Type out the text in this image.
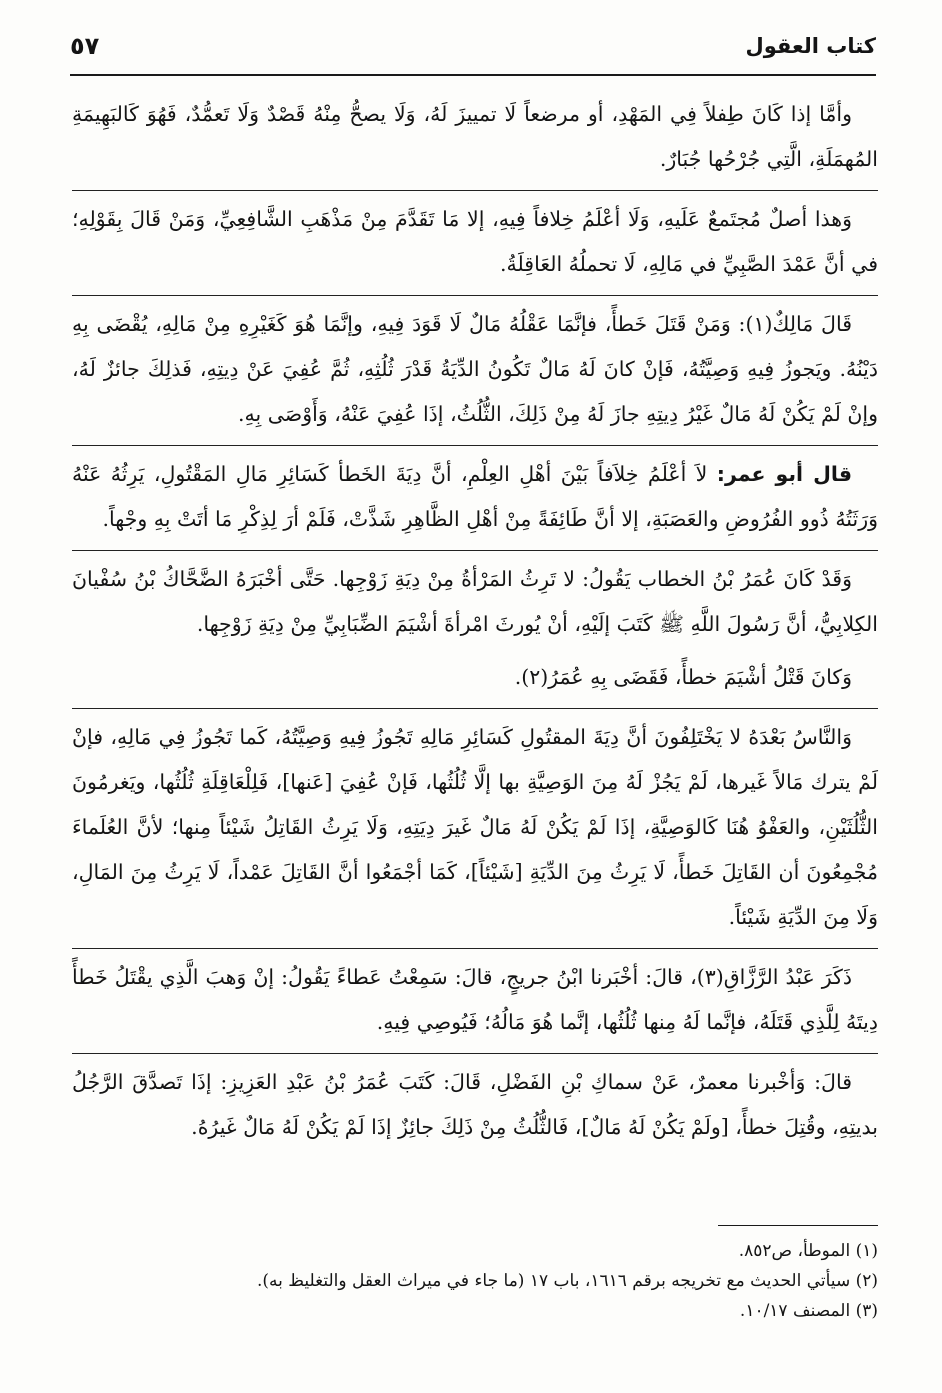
كتاب العقول
٥٧

وأمَّا إذا كَانَ طِفلاً فِي المَهْدِ، أو مرضعاً لَا تمييزَ لَهُ، وَلَا يصحُّ مِنْهُ قَصْدٌ وَلَا تَعمُّدٌ، فَهُوَ كَالبَهِيمَةِ المُهمَلَةِ، الَّتِي جُرْحُها جُبَارٌ.

وَهذا أصلٌ مُجتَمعٌ عَلَيهِ، وَلَا أعْلَمُ خِلافاً فِيهِ، إلا مَا تَقَدَّمَ مِنْ مَذْهَبِ الشَّافِعِيِّ، وَمَنْ قَالَ بِقَوْلِهِ؛ في أنَّ عَمْدَ الصَّبِيِّ في مَالِهِ، لَا تحملُهُ العَاقِلَةُ.

قَالَ مَالِكٌ(١): وَمَنْ قَتَلَ خَطأً، فإنَّمَا عَقْلُهُ مَالٌ لَا قَوَدَ فِيهِ، وإنَّمَا هُوَ كَغَيْرِهِ مِنْ مَالِهِ، يُقْضَى بِهِ دَيْنُهُ. ويَجوزُ فِيهِ وَصِيَّتُهُ، فَإنْ كانَ لَهُ مَالٌ تَكُونُ الدِّيَةُ قَدْرَ ثُلُثِهِ، ثُمَّ عُفِيَ عَنْ دِيتِهِ، فَذلِكَ جائزٌ لَهُ، وإنْ لَمْ يَكُنْ لَهُ مَالٌ غَيْرُ دِيتِهِ جازَ لَهُ مِنْ ذَلِكَ، الثُّلُثُ، إذَا عُفِيَ عَنْهُ، وَأَوْصَى بِهِ.

قال أبو عمر: لاَ أعْلَمُ خِلاَفاً بَيْنَ أهْلِ العِلْمِ، أنَّ دِيَةَ الخَطأ كَسَائِرِ مَالِ المَقْتُولِ، يَرِثُهُ عَنْهُ وَرَثَتُهُ ذُوو الفُرُوضِ والعَصَبَةِ، إلا أنَّ طَائِفَةً مِنْ أهْلِ الظَّاهِرِ شَذَّتْ، فَلَمْ أرَ لِذِكْرِ مَا أتَتْ بِهِ وجْهاً.

وَقَدْ كَانَ عُمَرُ بْنُ الخطاب يَقُولُ: لا تَرِثُ المَرْأةُ مِنْ دِيَةِ زَوْجِها. حَتَّى أخْبَرَهُ الضَّحَّاكُ بْنُ سُفْيانَ الكِلابِيُّ، أنَّ رَسُولَ اللَّهِ ﷺ كَتَبَ إلَيْهِ، أنْ يُورثَ امْرأةَ أشْيَمَ الضِّبَابِيِّ مِنْ دِيَةِ زَوْجِها.

وَكانَ قَتْلُ أشْيَمَ خطأً، فَقَضَى بِهِ عُمَرُ(٢).

وَالنَّاسُ بَعْدَهُ لا يَخْتَلِفُونَ أنَّ دِيَةَ المقتُولِ كَسَائِرِ مَالِهِ تَجُوزُ فِيهِ وَصِيَّتُهُ، كَما تَجُوزُ فِي مَالِهِ، فإنْ لَمْ يترك مَالاً غَيرها، لَمْ يَجُزْ لَهُ مِنَ الوَصِيَّةِ بها إلَّا ثُلُثُها، فَإنْ عُفِيَ [عَنها]، فَلِلْعَاقِلَةِ ثُلُثُها، ويَغرمُونَ الثُّلُثَيْنِ، والعَفْوُ هُنَا كَالوَصِيَّةِ، إذَا لَمْ يَكُنْ لَهُ مَالٌ غَيرَ دِيَتِهِ، وَلَا يَرِثُ القَاتِلُ شَيْئاً مِنها؛ لأنَّ العُلَماءَ مُجْمِعُونَ أن القَاتِلَ خَطأً، لَا يَرِثُ مِنَ الدِّيَةِ [شَيْئاً]، كَمَا أجْمَعُوا أنَّ القَاتِلَ عَمْداً، لَا يَرِثُ مِنَ المَالِ، وَلَا مِنَ الدِّيَةِ شَيْئاً.

ذَكَرَ عَبْدُ الرَّزَّاقِ(٣)، قالَ: أخْبَرنا ابْنُ جريجٍ، قالَ: سَمِعْتُ عَطاءً يَقُولُ: إنْ وَهبَ الَّذِي يقْتَلُ خَطأً دِيتَهُ لِلَّذِي قَتَلَهُ، فإنَّما لَهُ مِنها ثُلُثُها، إنَّما هُوَ مَالُهُ؛ فَيُوصِي فِيهِ.

قالَ: وَأخْبرنا معمرٌ، عَنْ سماكِ بْنِ الفَضْلِ، قَالَ: كَتَبَ عُمَرُ بْنُ عَبْدِ العَزِيزِ: إذَا تَصدَّقَ الرَّجُلُ بديتِهِ، وقُتِلَ خطأً، [ولَمْ يَكُنْ لَهُ مَالٌ]، فَالثُّلُثُ مِنْ ذَلِكَ جائِزٌ إذَا لَمْ يَكُنْ لَهُ مَالٌ غَيرُهُ.

(١) الموطأ، ص٨٥٢.
(٢) سيأتي الحديث مع تخريجه برقم ١٦١٦، باب ١٧ (ما جاء في ميراث العقل والتغليظ به).
(٣) المصنف ١٠/١٧.
